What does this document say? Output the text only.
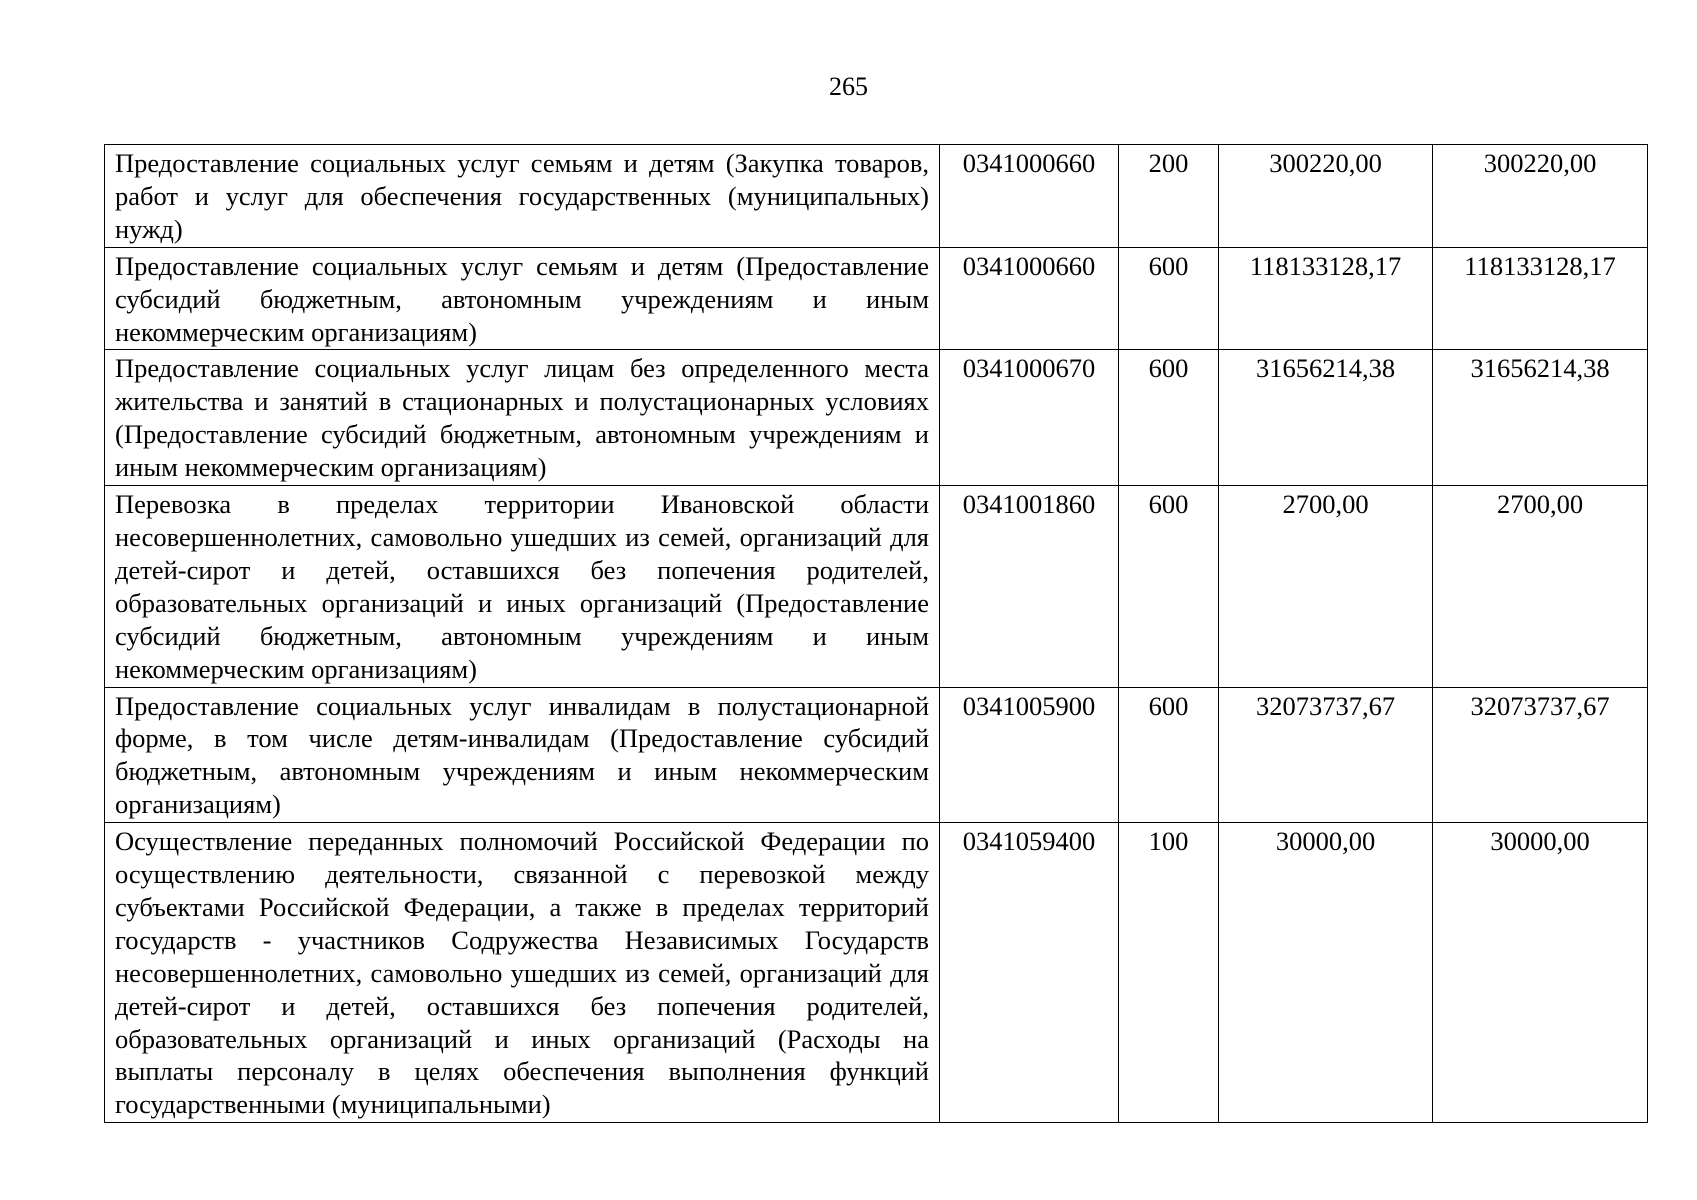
265
Предоставление социальных услуг семьям и детям (Закупка товаров, работ и услуг для обеспечения государственных (муниципальных) нужд)	0341000660	200	300220,00	300220,00
Предоставление социальных услуг семьям и детям (Предоставление субсидий бюджетным, автономным учреждениям и иным некоммерческим организациям)	0341000660	600	118133128,17	118133128,17
Предоставление социальных услуг лицам без определенного места жительства и занятий в стационарных и полустационарных условиях (Предоставление субсидий бюджетным, автономным учреждениям и иным некоммерческим организациям)	0341000670	600	31656214,38	31656214,38
Перевозка в пределах территории Ивановской области несовершеннолетних, самовольно ушедших из семей, организаций для детей-сирот и детей, оставшихся без попечения родителей, образовательных организаций и иных организаций (Предоставление субсидий бюджетным, автономным учреждениям и иным некоммерческим организациям)	0341001860	600	2700,00	2700,00
Предоставление социальных услуг инвалидам в полустационарной форме, в том числе детям-инвалидам (Предоставление субсидий бюджетным, автономным учреждениям и иным некоммерческим организациям)	0341005900	600	32073737,67	32073737,67
Осуществление переданных полномочий Российской Федерации по осуществлению деятельности, связанной с перевозкой между субъектами Российской Федерации, а также в пределах территорий государств - участников Содружества Независимых Государств несовершеннолетних, самовольно ушедших из семей, организаций для детей-сирот и детей, оставшихся без попечения родителей, образовательных организаций и иных организаций (Расходы на выплаты персоналу в целях обеспечения выполнения функций государственными (муниципальными)	0341059400	100	30000,00	30000,00
